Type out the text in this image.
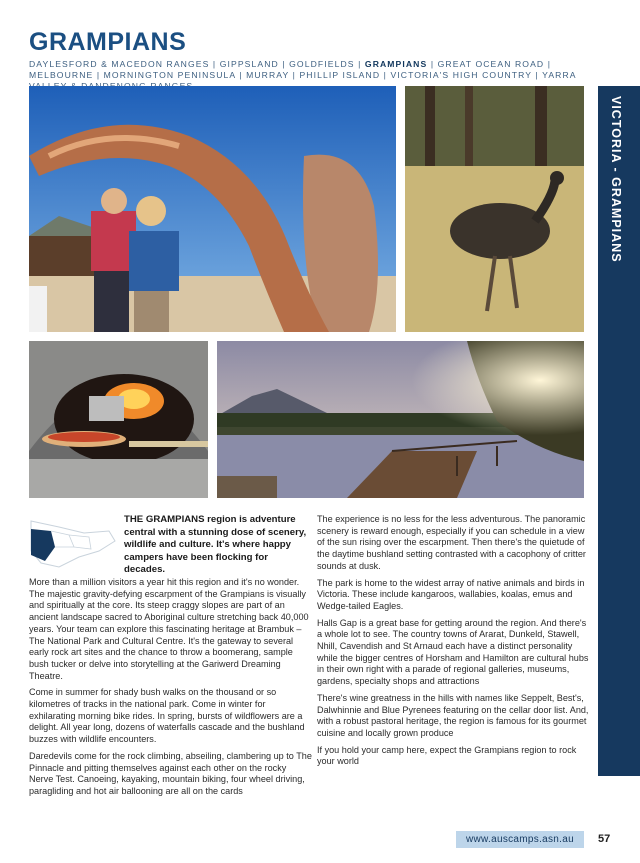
GRAMPIANS
DAYLESFORD & MACEDON RANGES | GIPPSLAND | GOLDFIELDS | GRAMPIANS | GREAT OCEAN ROAD | MELBOURNE | MORNINGTON PENINSULA | MURRAY | PHILLIP ISLAND | VICTORIA'S HIGH COUNTRY | YARRA
VICTORIA - GRAMPIANS

THE GRAMPIANS region is adventure central with a stunning dose of scenery, wildlife and culture. It's where happy campers have been flocking for decades.

More than a million visitors a year hit this region and it's no wonder. The majestic gravity-defying escarpment of the Grampians is visually and spiritually at the core. Its steep craggy slopes are part of an ancient landscape sacred to Aboriginal culture stretching back 40,000 years. Your team can explore this fascinating heritage at Brambuk – The National Park and Cultural Centre. It's the gateway to several early rock art sites and the chance to throw a boomerang, sample bush tucker or delve into storytelling at the Gariwerd Dreaming Theatre.

Come in summer for shady bush walks on the thousand or so kilometres of tracks in the national park. Come in winter for exhilarating morning bike rides. In spring, bursts of wildflowers are a delight. All year long, dozens of waterfalls cascade and the bushland buzzes with wildlife encounters.

Daredevils come for the rock climbing, abseiling, clambering up to The Pinnacle and pitting themselves against each other on the rocky Nerve Test. Canoeing, kayaking, mountain biking, four wheel driving, paragliding and hot air ballooning are all on the cards

The experience is no less for the less adventurous. The panoramic scenery is reward enough, especially if you can schedule in a view of the sun rising over the escarpment. Then there's the quietude of the daytime bushland setting contrasted with a cacophony of critter sounds at dusk.

The park is home to the widest array of native animals and birds in Victoria. These include kangaroos, wallabies, koalas, emus and Wedge-tailed Eagles.

Halls Gap is a great base for getting around the region. And there's a whole lot to see. The country towns of Ararat, Dunkeld, Stawell, Nhill, Cavendish and St Arnaud each have a distinct personality while the bigger centres of Horsham and Hamilton are cultural hubs in their own right with a parade of regional galleries, museums, gardens, specialty shops and attractions

There's wine greatness in the hills with names like Seppelt, Best's, Dalwhinnie and Blue Pyrenees featuring on the cellar door list. And, with a robust pastoral heritage, the region is famous for its gourmet cuisine and locally grown produce

If you hold your camp here, expect the Grampians region to rock your world

www.auscamps.asn.au	57
